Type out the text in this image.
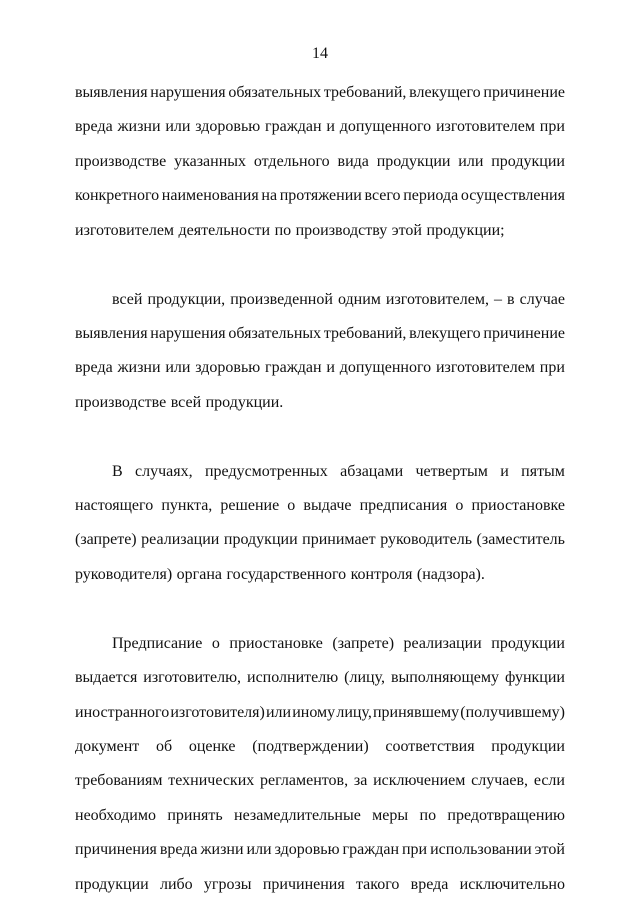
14
выявления нарушения обязательных требований, влекущего причинение
вреда жизни или здоровью граждан и допущенного изготовителем при
производстве указанных отдельного вида продукции или продукции
конкретного наименования на протяжении всего периода осуществления
изготовителем деятельности по производству этой продукции;
всей продукции, произведенной одним изготовителем, – в случае
выявления нарушения обязательных требований, влекущего причинение
вреда жизни или здоровью граждан и допущенного изготовителем при
производстве всей продукции.
В случаях, предусмотренных абзацами четвертым и пятым
настоящего пункта, решение о выдаче предписания о приостановке
(запрете) реализации продукции принимает руководитель (заместитель
руководителя) органа государственного контроля (надзора).
Предписание о приостановке (запрете) реализации продукции
выдается изготовителю, исполнителю (лицу, выполняющему функции
иностранного изготовителя) или иному лицу, принявшему (получившему)
документ об оценке (подтверждении) соответствия продукции
требованиям технических регламентов, за исключением случаев, если
необходимо принять незамедлительные меры по предотвращению
причинения вреда жизни или здоровью граждан при использовании этой
продукции либо угрозы причинения такого вреда исключительно
